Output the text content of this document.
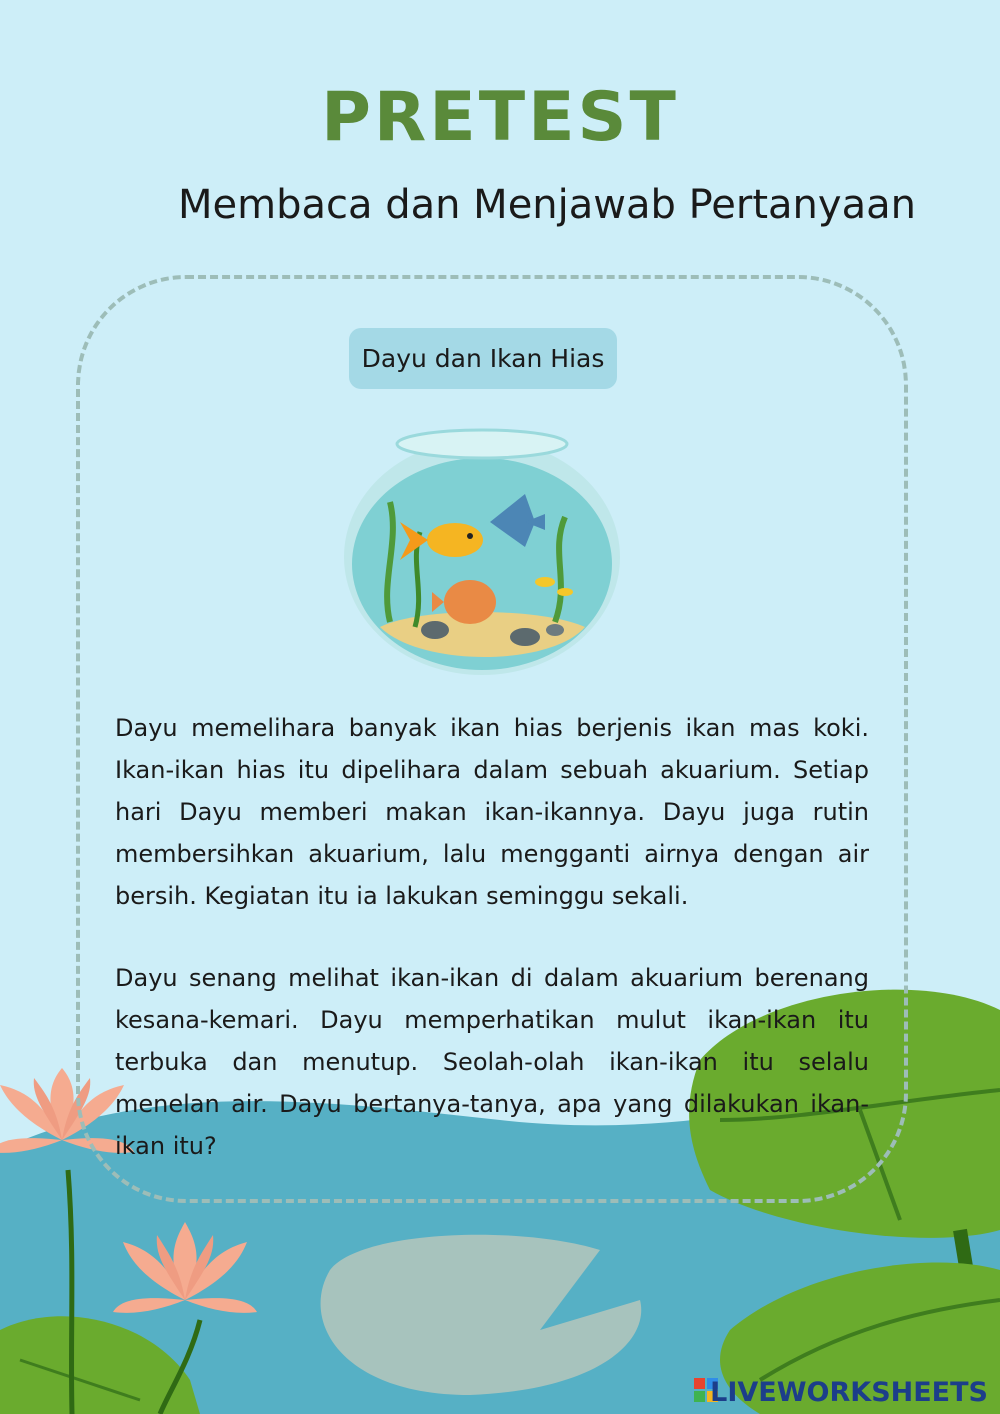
PRETEST
Membaca dan Menjawab Pertanyaan
Dayu dan Ikan Hias

Dayu memelihara banyak ikan hias berjenis ikan mas koki. Ikan-ikan hias itu dipelihara dalam sebuah akuarium. Setiap hari Dayu memberi makan ikan-ikannya. Dayu juga rutin membersihkan akuarium, lalu mengganti airnya dengan air bersih. Kegiatan itu ia lakukan seminggu sekali.

Dayu senang melihat ikan-ikan di dalam akuarium berenang kesana-kemari. Dayu memperhatikan mulut ikan-ikan itu terbuka dan menutup. Seolah-olah ikan-ikan itu selalu menelan air. Dayu bertanya-tanya, apa yang dilakukan ikan-ikan itu?

LIVEWORKSHEETS
